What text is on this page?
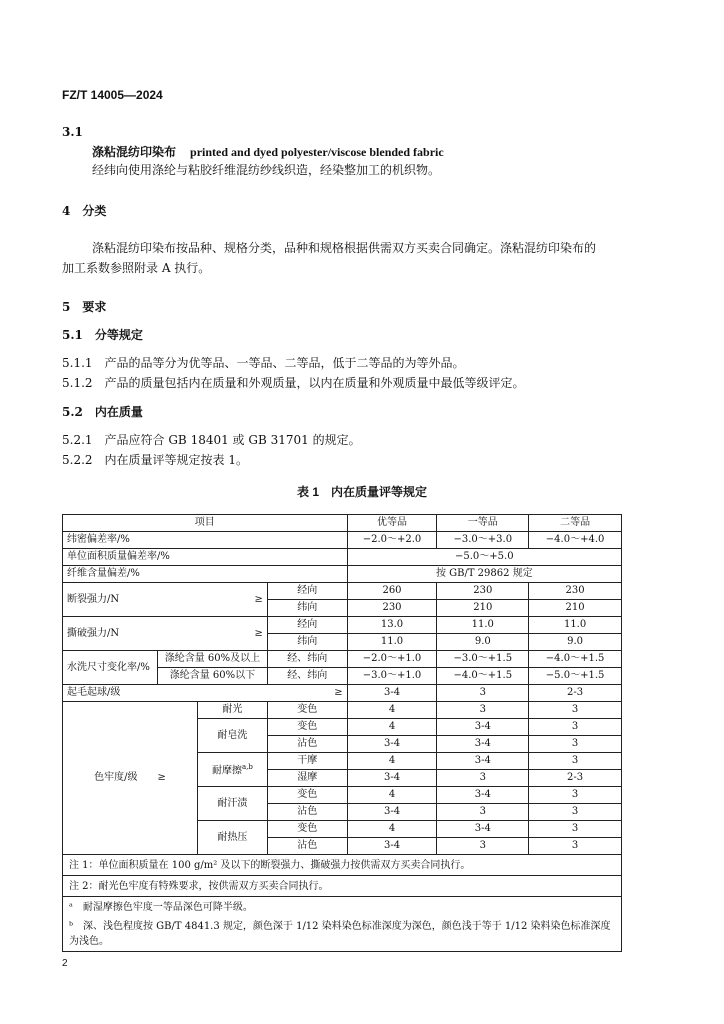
FZ/T 14005—2024
3.1
涤粘混纺印染布 printed and dyed polyester/viscose blended fabric
经纬向使用涤纶与粘胶纤维混纺纱线织造，经染整加工的机织物。
4　分类
涤粘混纺印染布按品种、规格分类，品种和规格根据供需双方买卖合同确定。涤粘混纺印染布的
加工系数参照附录 A 执行。
5　要求
5.1　分等规定
5.1.1　产品的品等分为优等品、一等品、二等品，低于二等品的为等外品。
5.1.2　产品的质量包括内在质量和外观质量，以内在质量和外观质量中最低等级评定。
5.2　内在质量
5.2.1　产品应符合 GB 18401 或 GB 31701 的规定。
5.2.2　内在质量评等规定按表 1。
表 1　内在质量评等规定
项目				优等品	一等品	二等品
纬密偏差率/%				−2.0～+2.0	−3.0～+3.0	−4.0～+4.0
单位面积质量偏差率/%				−5.0～+5.0		
纤维含量偏差/%				按 GB/T 29862 规定		
断裂强力/N ≥			经向	260	230	230
			纬向	230	210	210
撕破强力/N ≥			经向	13.0	11.0	11.0
			纬向	11.0	9.0	9.0
水洗尺寸变化率/%	涤纶含量 60%及以上		经、纬向	−2.0～+1.0	−3.0～+1.5	−4.0～+1.5
	涤纶含量 60%以下		经、纬向	−3.0～+1.0	−4.0～+1.5	−5.0～+1.5
起毛起球/级 ≥				3-4	3	2-3
色牢度/级　　 ≥		耐光	变色	4	3	3
		耐皂洗	变色	4	3-4	3
			沾色	3-4	3-4	3
		耐摩擦$^{a,b}$	干摩	4	3-4	3
			湿摩	3-4	3	2-3
		耐汗渍	变色	4	3-4	3
			沾色	3-4	3	3
		耐热压	变色	4	3-4	3
			沾色	3-4	3	3
注 1：单位面积质量在 100 g/m² 及以下的断裂强力、撕破强力按供需双方买卖合同执行。						
注 2：耐光色牢度有特殊要求，按供需双方买卖合同执行。						
ᵃ　耐湿摩擦色牢度一等品深色可降半级。						
ᵇ　深、浅色程度按 GB/T 4841.3 规定，颜色深于 1/12 染料染色标准深度为深色，颜色浅于等于 1/12 染料染色标准深度为浅色。						
2
